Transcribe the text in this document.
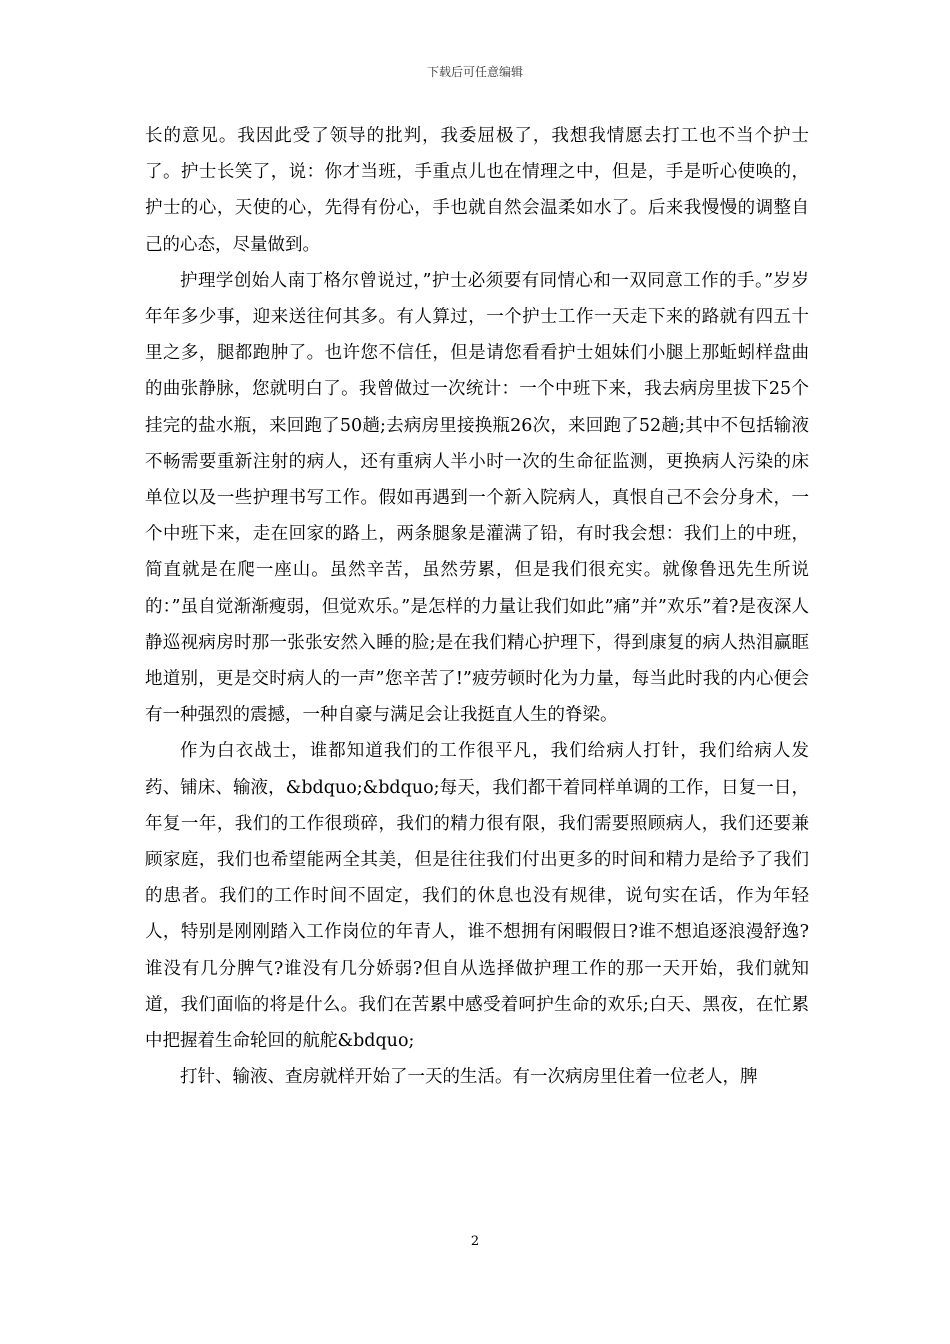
下载后可任意编辑

长的意见。我因此受了领导的批判，我委屈极了，我想我情愿去打工也不当个护士了。护士长笑了，说：你才当班，手重点儿也在情理之中，但是，手是听心使唤的，护士的心，天使的心，先得有份心，手也就自然会温柔如水了。后来我慢慢的调整自己的心态，尽量做到。

护理学创始人南丁格尔曾说过，”护士必须要有同情心和一双同意工作的手。”岁岁年年多少事，迎来送往何其多。有人算过，一个护士工作一天走下来的路就有四五十里之多，腿都跑肿了。也许您不信任，但是请您看看护士姐妹们小腿上那蚯蚓样盘曲的曲张静脉，您就明白了。我曾做过一次统计：一个中班下来，我去病房里拔下25个挂完的盐水瓶，来回跑了50趟;去病房里接换瓶26次，来回跑了52趟;其中不包括输液不畅需要重新注射的病人，还有重病人半小时一次的生命征监测，更换病人污染的床单位以及一些护理书写工作。假如再遇到一个新入院病人，真恨自己不会分身术，一个中班下来，走在回家的路上，两条腿象是灌满了铅，有时我会想：我们上的中班，简直就是在爬一座山。虽然辛苦，虽然劳累，但是我们很充实。就像鲁迅先生所说的：”虽自觉渐渐瘦弱，但觉欢乐。”是怎样的力量让我们如此”痛”并”欢乐”着?是夜深人静巡视病房时那一张张安然入睡的脸;是在我们精心护理下，得到康复的病人热泪赢眶地道别，更是交时病人的一声”您辛苦了!”疲劳顿时化为力量，每当此时我的内心便会有一种强烈的震撼，一种自豪与满足会让我挺直人生的脊梁。

作为白衣战士，谁都知道我们的工作很平凡，我们给病人打针，我们给病人发药、铺床、输液，&bdquo;&bdquo;每天，我们都干着同样单调的工作，日复一日，年复一年，我们的工作很琐碎，我们的精力很有限，我们需要照顾病人，我们还要兼顾家庭，我们也希望能两全其美，但是往往我们付出更多的时间和精力是给予了我们的患者。我们的工作时间不固定，我们的休息也没有规律，说句实在话，作为年轻人，特别是刚刚踏入工作岗位的年青人，谁不想拥有闲暇假日?谁不想追逐浪漫舒逸?谁没有几分脾气?谁没有几分娇弱?但自从选择做护理工作的那一天开始，我们就知道，我们面临的将是什么。我们在苦累中感受着呵护生命的欢乐;白天、黑夜，在忙累中把握着生命轮回的航舵&bdquo;

打针、输液、查房就样开始了一天的生活。有一次病房里住着一位老人，脾

2
